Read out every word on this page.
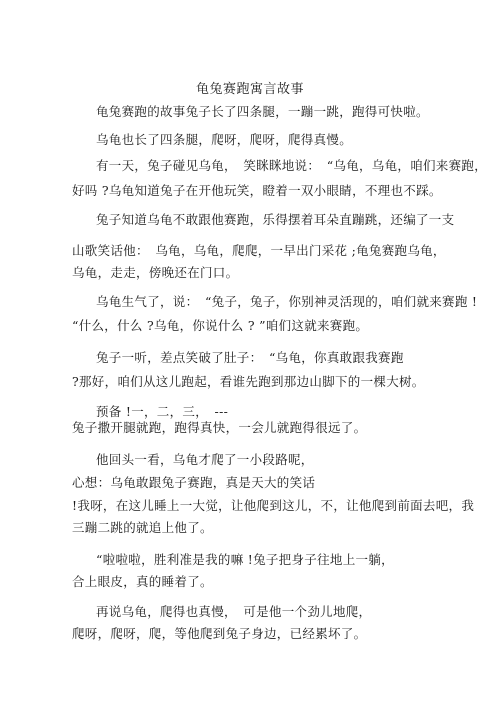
龟兔赛跑寓言故事
龟兔赛跑的故事兔子长了四条腿，一蹦一跳，跑得可快啦。
乌龟也长了四条腿，爬呀，爬呀，爬得真慢。
有一天，兔子碰见乌龟，　笑眯眯地说：　“乌龟，乌龟，咱们来赛跑，
好吗 ?乌龟知道兔子在开他玩笑，瞪着一双小眼睛，不理也不踩。
兔子知道乌龟不敢跟他赛跑，乐得摆着耳朵直蹦跳，还编了一支
山歌笑话他：　乌龟，乌龟，爬爬，一早出门采花 ;龟兔赛跑乌龟，
乌龟，走走，傍晚还在门口。
乌龟生气了，说：　“兔子，兔子，你别神灵活现的，咱们就来赛跑 !
“什么，什么 ?乌龟，你说什么 ? ”咱们这就来赛跑。
兔子一听，差点笑破了肚子：　“乌龟，你真敢跟我赛跑
?那好，咱们从这儿跑起，看谁先跑到那边山脚下的一棵大树。
预备 !一，二，三，　---
兔子撒开腿就跑，跑得真快，一会儿就跑得很远了。
他回头一看，乌龟才爬了一小段路呢，
心想：乌龟敢跟兔子赛跑，真是天大的笑话
!我呀，在这儿睡上一大觉，让他爬到这儿，不，让他爬到前面去吧，我
三蹦二跳的就追上他了。
“啦啦啦，胜利准是我的嘛 !兔子把身子往地上一躺，
合上眼皮，真的睡着了。
再说乌龟，爬得也真慢，　可是他一个劲儿地爬，
爬呀，爬呀，爬，等他爬到兔子身边，已经累坏了。
